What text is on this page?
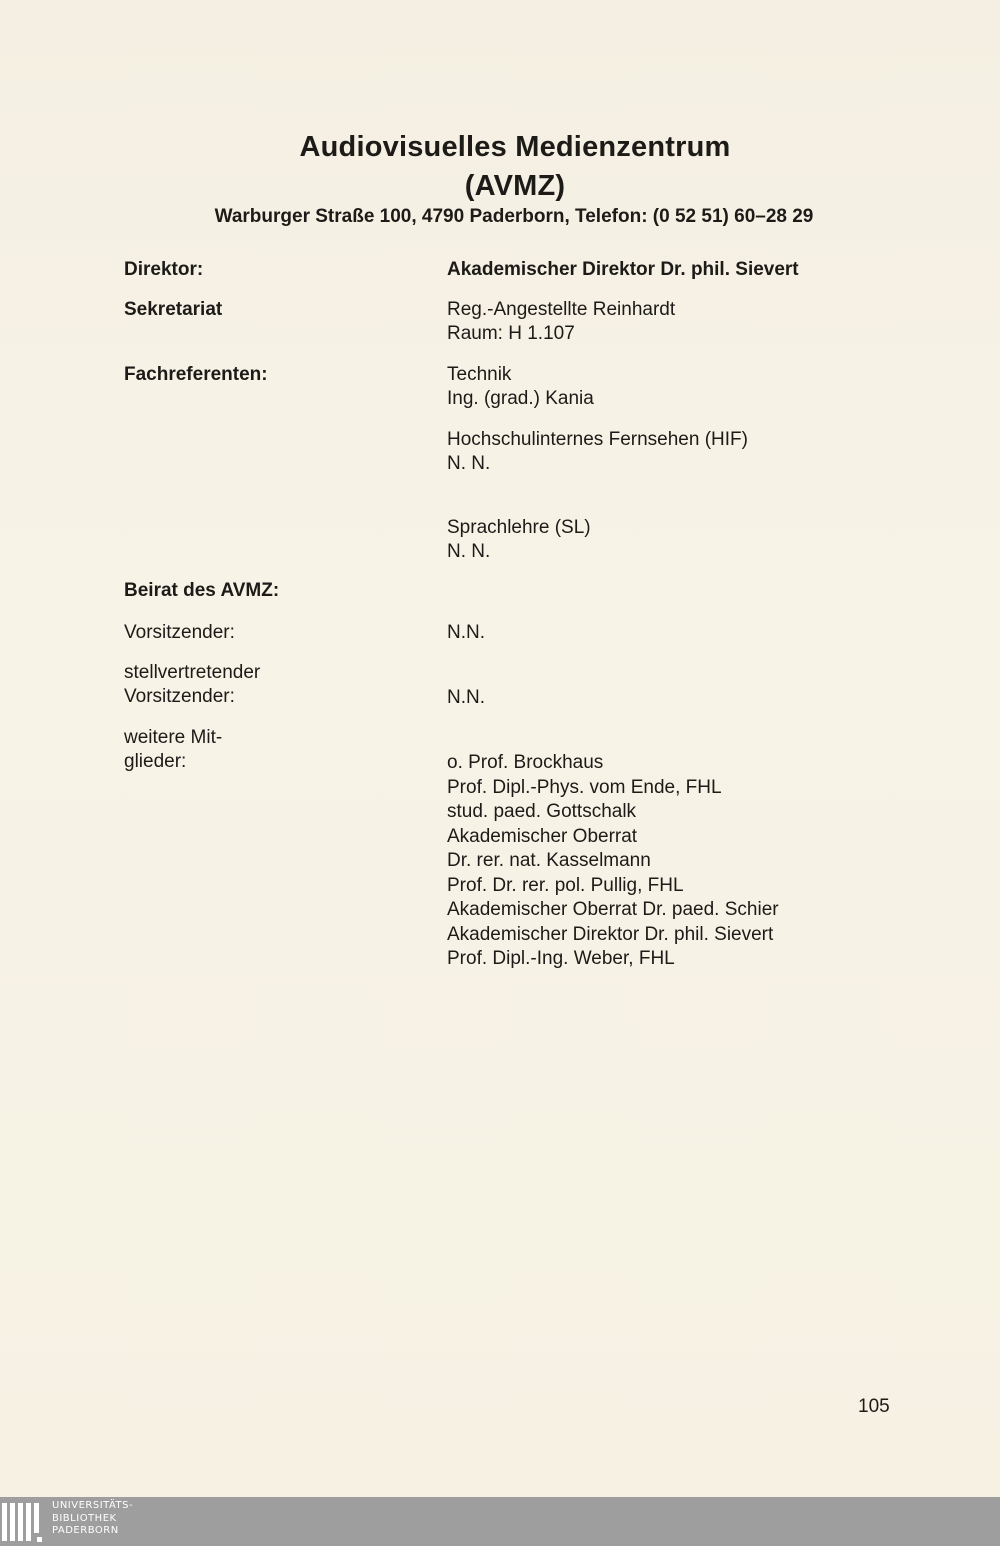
Audiovisuelles Medienzentrum
(AVMZ)
Warburger Straße 100, 4790 Paderborn, Telefon: (0 52 51) 60–28 29
Direktor:	Akademischer Direktor Dr. phil. Sievert
Sekretariat	Reg.-Angestellte Reinhardt
Raum: H 1.107
Fachreferenten:	Technik
Ing. (grad.) Kania
Hochschulinternes Fernsehen (HIF)
N. N.
Sprachlehre (SL)
N. N.
Beirat des AVMZ:
Vorsitzender:	N.N.
stellvertretender
Vorsitzender:	N.N.
weitere Mit-
glieder:	o. Prof. Brockhaus
Prof. Dipl.-Phys. vom Ende, FHL
stud. paed. Gottschalk
Akademischer Oberrat
Dr. rer. nat. Kasselmann
Prof. Dr. rer. pol. Pullig, FHL
Akademischer Oberrat Dr. paed. Schier
Akademischer Direktor Dr. phil. Sievert
Prof. Dipl.-Ing. Weber, FHL
105
UNIVERSITÄTS-
BIBLIOTHEK
PADERBORN
